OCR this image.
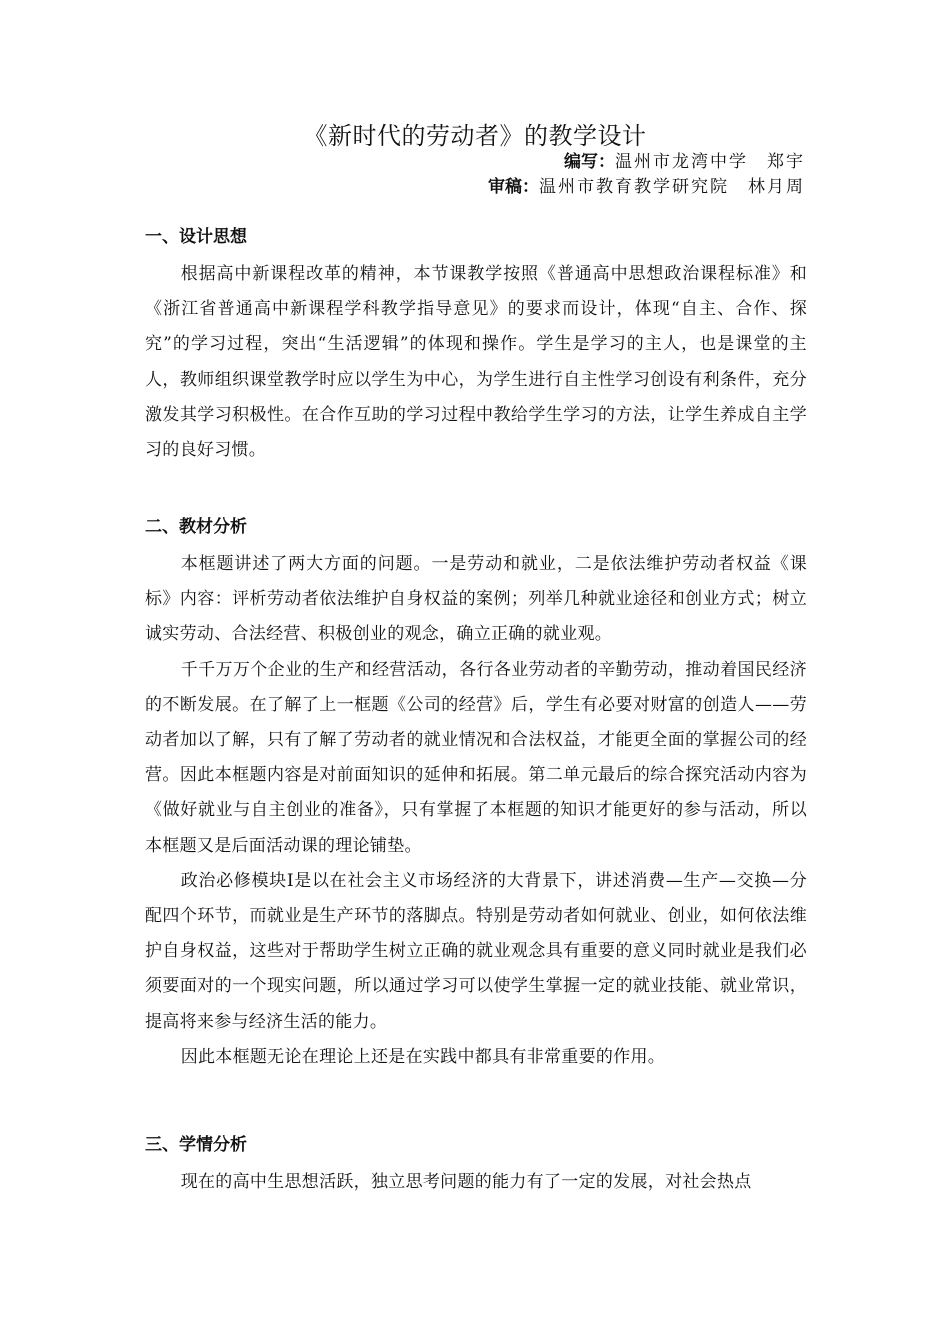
《新时代的劳动者》的教学设计
编写：温州市龙湾中学　郑宇
审稿：温州市教育教学研究院　林月周
一、设计思想

根据高中新课程改革的精神，本节课教学按照《普通高中思想政治课程标准》和《浙江省普通高中新课程学科教学指导意见》的要求而设计，体现“自主、合作、探究”的学习过程，突出“生活逻辑”的体现和操作。学生是学习的主人，也是课堂的主人，教师组织课堂教学时应以学生为中心，为学生进行自主性学习创设有利条件，充分激发其学习积极性。在合作互助的学习过程中教给学生学习的方法，让学生养成自主学习的良好习惯。

二、教材分析

本框题讲述了两大方面的问题。一是劳动和就业，二是依法维护劳动者权益《课标》内容：评析劳动者依法维护自身权益的案例；列举几种就业途径和创业方式；树立诚实劳动、合法经营、积极创业的观念，确立正确的就业观。

千千万万个企业的生产和经营活动，各行各业劳动者的辛勤劳动，推动着国民经济的不断发展。在了解了上一框题《公司的经营》后，学生有必要对财富的创造人——劳动者加以了解，只有了解了劳动者的就业情况和合法权益，才能更全面的掌握公司的经营。因此本框题内容是对前面知识的延伸和拓展。第二单元最后的综合探究活动内容为《做好就业与自主创业的准备》，只有掌握了本框题的知识才能更好的参与活动，所以本框题又是后面活动课的理论铺垫。

政治必修模块Ⅰ是以在社会主义市场经济的大背景下，讲述消费—生产—交换—分配四个环节，而就业是生产环节的落脚点。特别是劳动者如何就业、创业，如何依法维护自身权益，这些对于帮助学生树立正确的就业观念具有重要的意义同时就业是我们必须要面对的一个现实问题，所以通过学习可以使学生掌握一定的就业技能、就业常识，提高将来参与经济生活的能力。

因此本框题无论在理论上还是在实践中都具有非常重要的作用。

三、学情分析

现在的高中生思想活跃，独立思考问题的能力有了一定的发展，对社会热点
